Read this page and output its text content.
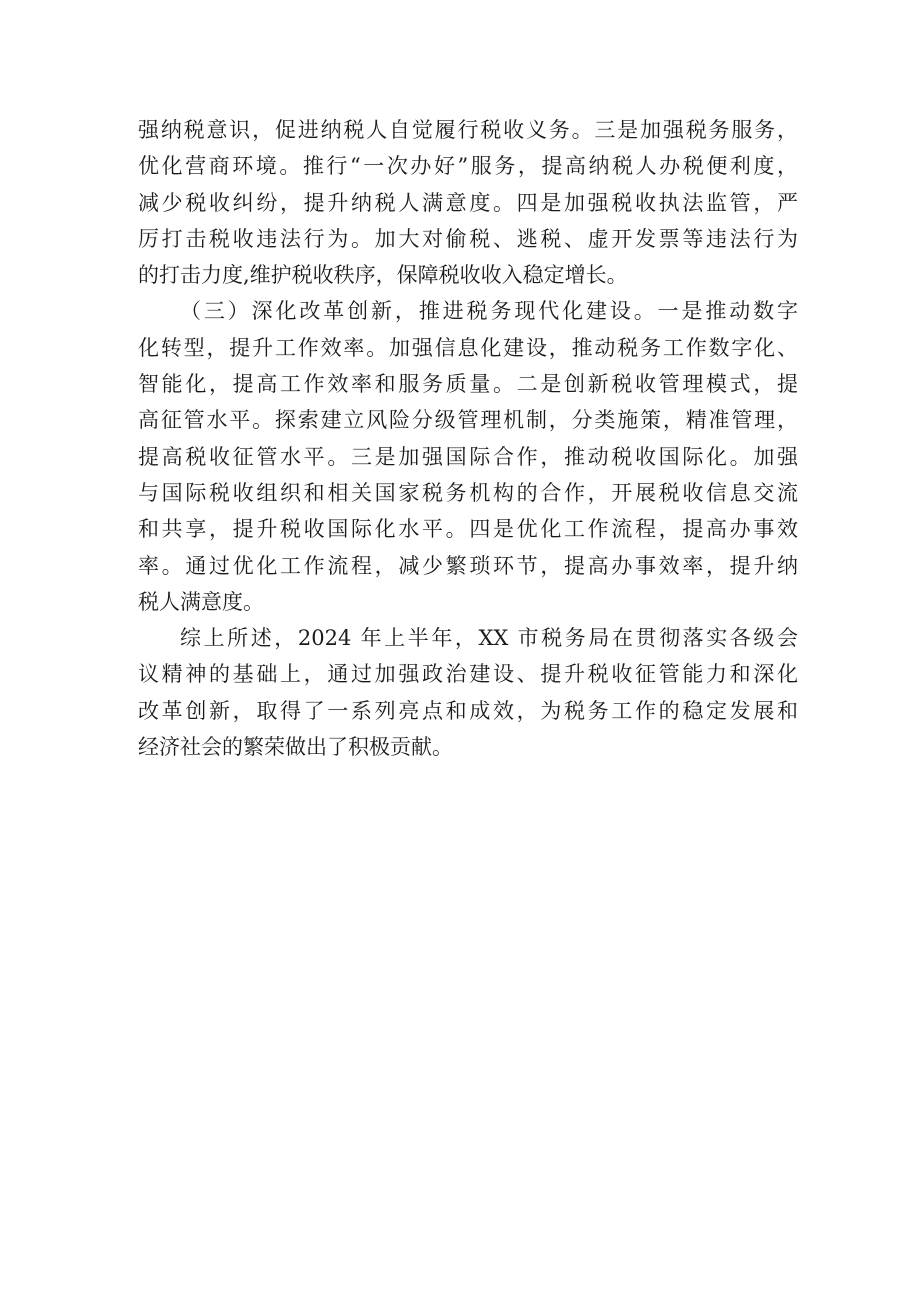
强纳税意识，促进纳税人自觉履行税收义务。三是加强税务服务，
优化营商环境。推行“一次办好”服务，提高纳税人办税便利度，
减少税收纠纷，提升纳税人满意度。四是加强税收执法监管，严
厉打击税收违法行为。加大对偷税、逃税、虚开发票等违法行为
的打击力度,维护税收秩序，保障税收收入稳定增长。
（三）深化改革创新，推进税务现代化建设。一是推动数字
化转型，提升工作效率。加强信息化建设，推动税务工作数字化、
智能化，提高工作效率和服务质量。二是创新税收管理模式，提
高征管水平。探索建立风险分级管理机制，分类施策，精准管理，
提高税收征管水平。三是加强国际合作，推动税收国际化。加强
与国际税收组织和相关国家税务机构的合作，开展税收信息交流
和共享，提升税收国际化水平。四是优化工作流程，提高办事效
率。通过优化工作流程，减少繁琐环节，提高办事效率，提升纳
税人满意度。
综上所述，2024 年上半年，XX 市税务局在贯彻落实各级会
议精神的基础上，通过加强政治建设、提升税收征管能力和深化
改革创新，取得了一系列亮点和成效，为税务工作的稳定发展和
经济社会的繁荣做出了积极贡献。
